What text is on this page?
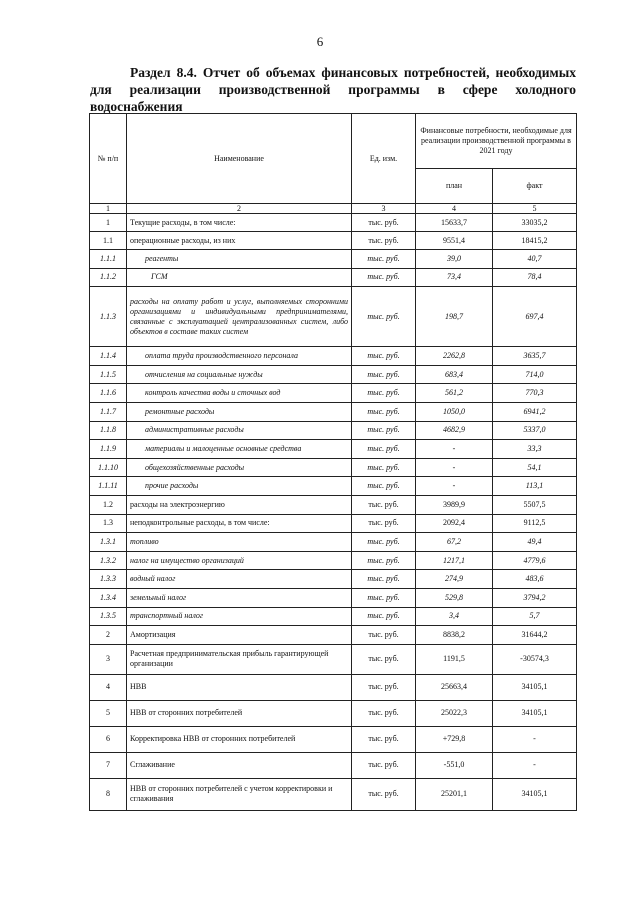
6
Раздел 8.4. Отчет об объемах финансовых потребностей, необходимых для реализации производственной программы в сфере холодного водоснабжения
№ п/п	Наименование	Ед. изм.	Финансовые потребности, необходимые для реализации производственной программы в 2021 году	
			план	факт
1	2	3	4	5
1	Текущие расходы, в том числе:	тыс. руб.	15633,7	33035,2
1.1	операционные расходы, из них	тыс. руб.	9551,4	18415,2
1.1.1	реагенты	тыс. руб.	39,0	40,7
1.1.2	ГСМ	тыс. руб.	73,4	78,4
1.1.3	расходы на оплату работ и услуг, выполняемых сторонними организациями и индивидуальными предпринимателями, связанные с эксплуатацией централизованных систем, либо объектов в составе таких систем	тыс. руб.	198,7	697,4
1.1.4	оплата труда производственного персонала	тыс. руб.	2262,8	3635,7
1.1.5	отчисления на социальные нужды	тыс. руб.	683,4	714,0
1.1.6	контроль качества воды и сточных вод	тыс. руб.	561,2	770,3
1.1.7	ремонтные расходы	тыс. руб.	1050,0	6941,2
1.1.8	административные расходы	тыс. руб.	4682,9	5337,0
1.1.9	материалы и малоценные основные средства	тыс. руб.	-	33,3
1.1.10	общехозяйственные расходы	тыс. руб.	-	54,1
1.1.11	прочие расходы	тыс. руб.	-	113,1
1.2	расходы на электроэнергию	тыс. руб.	3989,9	5507,5
1.3	неподконтрольные расходы, в том числе:	тыс. руб.	2092,4	9112,5
1.3.1	топливо	тыс. руб.	67,2	49,4
1.3.2	налог на имущество организаций	тыс. руб.	1217,1	4779,6
1.3.3	водный налог	тыс. руб.	274,9	483,6
1.3.4	земельный налог	тыс. руб.	529,8	3794,2
1.3.5	транспортный налог	тыс. руб.	3,4	5,7
2	Амортизация	тыс. руб.	8838,2	31644,2
3	Расчетная предпринимательская прибыль гарантирующей организации	тыс. руб.	1191,5	-30574,3
4	НВВ	тыс. руб.	25663,4	34105,1
5	НВВ от сторонних потребителей	тыс. руб.	25022,3	34105,1
6	Корректировка НВВ от сторонних потребителей	тыс. руб.	+729,8	-
7	Сглаживание	тыс. руб.	-551,0	-
8	НВВ от сторонних потребителей с учетом корректировки и сглаживания	тыс. руб.	25201,1	34105,1
